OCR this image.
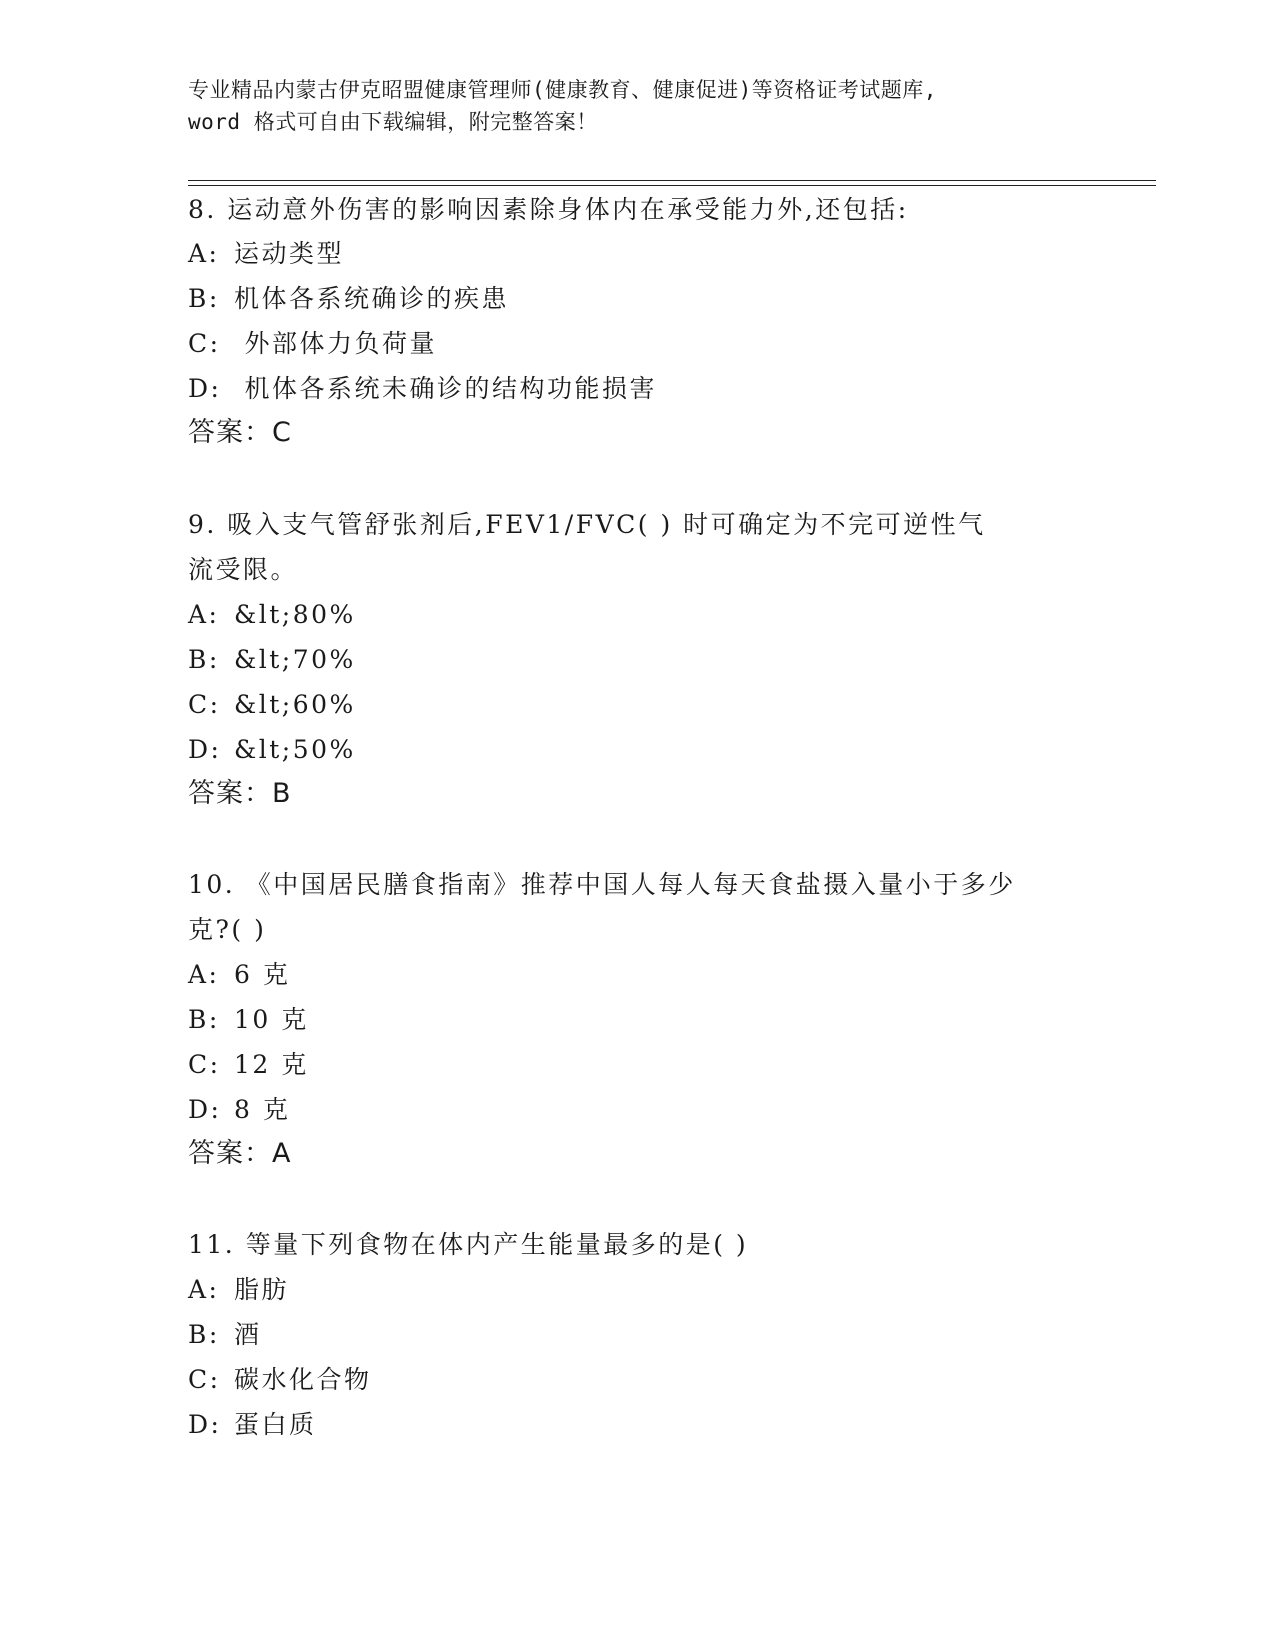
专业精品内蒙古伊克昭盟健康管理师(健康教育、健康促进)等资格证考试题库,
word 格式可自由下载编辑，附完整答案！
8. 运动意外伤害的影响因素除身体内在承受能力外,还包括:
A: 运动类型
B: 机体各系统确诊的疾患
C: 外部体力负荷量
D: 机体各系统未确诊的结构功能损害
答案：C
9. 吸入支气管舒张剂后,FEV1/FVC( ) 时可确定为不完可逆性气
流受限。
A: &lt;80%
B: &lt;70%
C: &lt;60%
D: &lt;50%
答案：B
10. 《中国居民膳食指南》推荐中国人每人每天食盐摄入量小于多少
克?( )
A: 6 克
B: 10 克
C: 12 克
D: 8 克
答案：A
11. 等量下列食物在体内产生能量最多的是( )
A: 脂肪
B: 酒
C: 碳水化合物
D: 蛋白质
